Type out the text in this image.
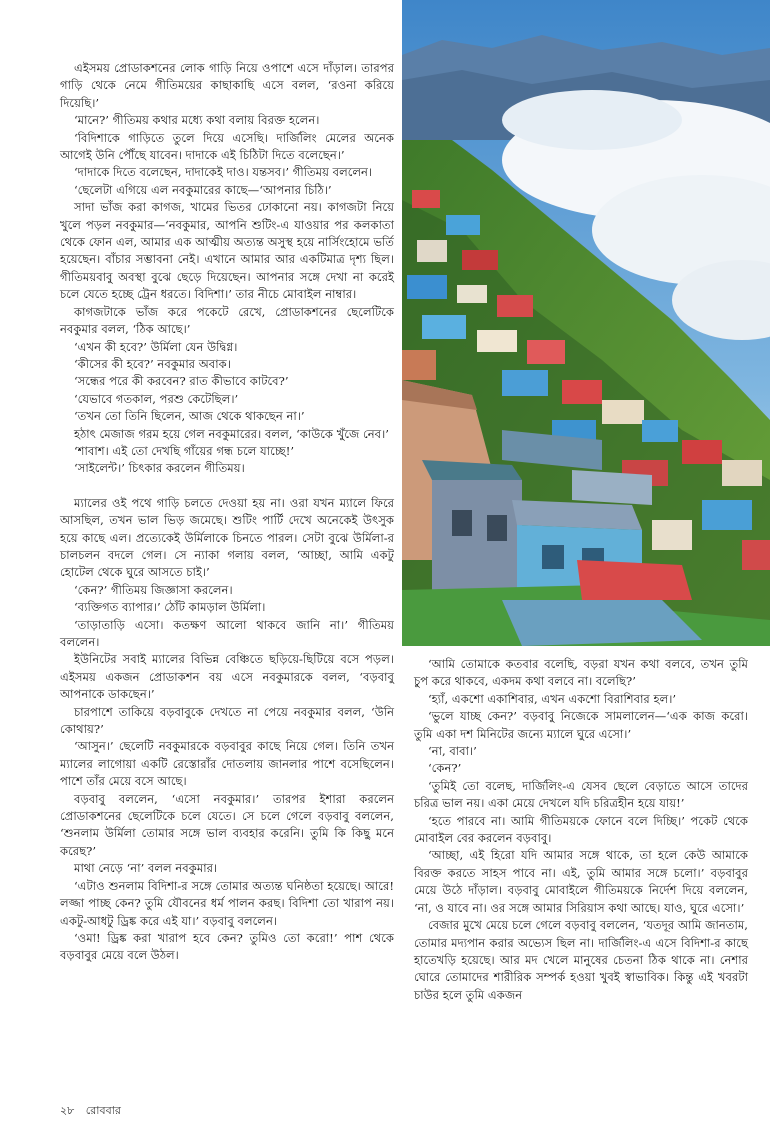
এইসময় প্রোডাকশনের লোক গাড়ি নিয়ে ওপাশে এসে দাঁড়াল। তারপর গাড়ি থেকে নেমে গীতিময়ের কাছাকাছি এসে বলল, ‘রওনা করিয়ে দিয়েছি।’

‘মানে?’ গীতিময় কথার মধ্যে কথা বলায় বিরক্ত হলেন।

‘বিদিশাকে গাড়িতে তুলে দিয়ে এসেছি। দার্জিলিং মেলের অনেক আগেই উনি পৌঁছে যাবেন। দাদাকে এই চিঠিটা দিতে বলেছেন।’

‘দাদাকে দিতে বলেছেন, দাদাকেই দাও। যন্তসব।’ গীতিময় বললেন।

‘ছেলেটা এগিয়ে এল নবকুমারের কাছে—‘আপনার চিঠি।’

সাদা ভাঁজ করা কাগজ, খামের ভিতর ঢোকানো নয়। কাগজটা নিয়ে খুলে পড়ল নবকুমার—‘নবকুমার, আপনি শুটিং-এ যাওয়ার পর কলকাতা থেকে ফোন এল, আমার এক আত্মীয় অত্যন্ত অসুস্থ হয়ে নার্সিংহোমে ভর্তি হয়েছেন। বাঁচার সম্ভাবনা নেই। এখানে আমার আর একটিমাত্র দৃশ্য ছিল। গীতিময়বাবু অবস্থা বুঝে ছেড়ে দিয়েছেন। আপনার সঙ্গে দেখা না করেই চলে যেতে হচ্ছে ট্রেন ধরতে। বিদিশা।’ তার নীচে মোবাইল নাম্বার।

কাগজটাকে ভাঁজ করে পকেটে রেখে, প্রোডাকশনের ছেলেটিকে নবকুমার বলল, ‘ঠিক আছে।’

‘এখন কী হবে?’ উর্মিলা যেন উদ্বিগ্ন।

‘কীসের কী হবে?’ নবকুমার অবাক।

‘সন্ধের পরে কী করবেন? রাত কীভাবে কাটবে?’

‘যেভাবে গতকাল, পরশু কেটেছিল।’

‘তখন তো তিনি ছিলেন, আজ থেকে থাকছেন না।’

হঠাৎ মেজাজ গরম হয়ে গেল নবকুমারের। বলল, ‘কাউকে খুঁজে নেব।’

‘শাবাশ। এই তো দেখছি গাঁয়ের গন্ধ চলে যাচ্ছে!’

‘সাইলেন্ট।’ চিৎকার করলেন গীতিময়।

ম্যালের ওই পথে গাড়ি চলতে দেওয়া হয় না। ওরা যখন ম্যালে ফিরে আসছিল, তখন ভাল ভিড় জমেছে। শুটিং পার্টি দেখে অনেকেই উৎসুক হয়ে কাছে এল। প্রত্যেকেই উর্মিলাকে চিনতে পারল। সেটা বুঝে উর্মিলা-র চালচলন বদলে গেল। সে ন্যাকা গলায় বলল, ‘আচ্ছা, আমি একটু হোটেল থেকে ঘুরে আসতে চাই।’

‘কেন?’ গীতিময় জিজ্ঞাসা করলেন।

‘ব্যক্তিগত ব্যাপার।’ ঠোঁট কামড়াল উর্মিলা।

‘তাড়াতাড়ি এসো। কতক্ষণ আলো থাকবে জানি না।’ গীতিময় বললেন।

ইউনিটের সবাই ম্যালের বিভিন্ন বেঞ্চিতে ছড়িয়ে-ছিটিয়ে বসে পড়ল। এইসময় একজন প্রোডাকশন বয় এসে নবকুমারকে বলল, ‘বড়বাবু আপনাকে ডাকছেন।’

চারপাশে তাকিয়ে বড়বাবুকে দেখতে না পেয়ে নবকুমার বলল, ‘উনি কোথায়?’

‘আসুন।’ ছেলেটি নবকুমারকে বড়বাবুর কাছে নিয়ে গেল। তিনি তখন ম্যালের লাগোয়া একটি রেস্তোরাঁর দোতলায় জানলার পাশে বসেছিলেন। পাশে তাঁর মেয়ে বসে আছে।

বড়বাবু বললেন, ‘এসো নবকুমার।’ তারপর ইশারা করলেন প্রোডাকশনের ছেলেটিকে চলে যেতে। সে চলে গেলে বড়বাবু বললেন, ‘শুনলাম উর্মিলা তোমার সঙ্গে ভাল ব্যবহার করেনি। তুমি কি কিছু মনে করেছ?’

মাথা নেড়ে ‘না’ বলল নবকুমার।

‘এটাও শুনলাম বিদিশা-র সঙ্গে তোমার অত্যন্ত ঘনিষ্ঠতা হয়েছে। আরে! লজ্জা পাচ্ছ কেন? তুমি যৌবনের ধর্ম পালন করছ। বিদিশা তো খারাপ নয়। একটু-আধটু ড্রিঙ্ক করে এই যা।’ বড়বাবু বললেন।

‘ওমা! ড্রিঙ্ক করা খারাপ হবে কেন? তুমিও তো করো!’ পাশ থেকে বড়বাবুর মেয়ে বলে উঠল।

‘আমি তোমাকে কতবার বলেছি, বড়রা যখন কথা বলবে, তখন তুমি চুপ করে থাকবে, একদম কথা বলবে না। বলেছি?’

‘হ্যাঁ, একশো একাশিবার, এখন একশো বিরাশিবার হল।’

‘ভুলে যাচ্ছ কেন?’ বড়বাবু নিজেকে সামলালেন—‘এক কাজ করো। তুমি একা দশ মিনিটের জন্যে ম্যালে ঘুরে এসো।’

‘না, বাবা।’

‘কেন?’

‘তুমিই তো বলেছ, দার্জিলিং-এ যেসব ছেলে বেড়াতে আসে তাদের চরিত্র ভাল নয়। একা মেয়ে দেখলে যদি চরিত্রহীন হয়ে যায়!’

‘হতে পারবে না। আমি গীতিময়কে ফোনে বলে দিচ্ছি।’ পকেট থেকে মোবাইল বের করলেন বড়বাবু।

‘আচ্ছা, এই হিরো যদি আমার সঙ্গে থাকে, তা হলে কেউ আমাকে বিরক্ত করতে সাহস পাবে না। এই, তুমি আমার সঙ্গে চলো।’ বড়বাবুর মেয়ে উঠে দাঁড়াল। বড়বাবু মোবাইলে গীতিময়কে নির্দেশ দিয়ে বললেন, ‘না, ও যাবে না। ওর সঙ্গে আমার সিরিয়াস কথা আছে। যাও, ঘুরে এসো।’

বেজার মুখে মেয়ে চলে গেলে বড়বাবু বললেন, ‘যতদূর আমি জানতাম, তোমার মদ্যপান করার অভ্যেস ছিল না। দার্জিলিং-এ এসে বিদিশা-র কাছে হাতেখড়ি হয়েছে। আর মদ খেলে মানুষের চেতনা ঠিক থাকে না। নেশার ঘোরে তোমাদের শারীরিক সম্পর্ক হওয়া খুবই স্বাভাবিক। কিন্তু এই খবরটা চাউর হলে তুমি একজন

২৮ রোববার
